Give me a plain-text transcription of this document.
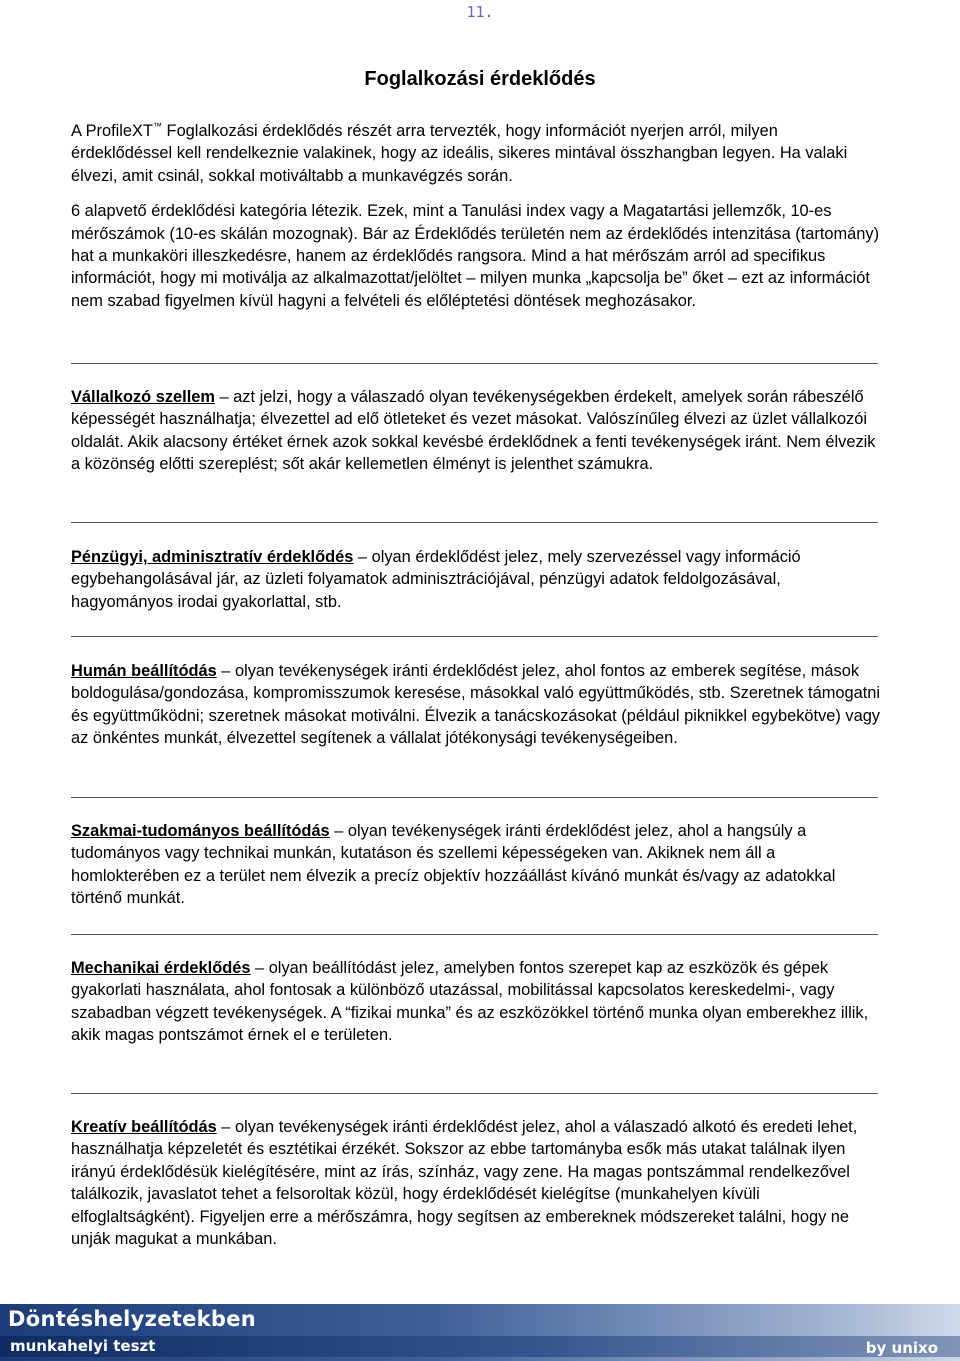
11.
Foglalkozási érdeklődés

A ProfileXT™ Foglalkozási érdeklődés részét arra tervezték, hogy információt nyerjen arról, milyen érdeklődéssel kell rendelkeznie valakinek, hogy az ideális, sikeres mintával összhangban legyen. Ha valaki élvezi, amit csinál, sokkal motiváltabb a munkavégzés során.

6 alapvető érdeklődési kategória létezik. Ezek, mint a Tanulási index vagy a Magatartási jellemzők, 10-es mérőszámok (10-es skálán mozognak). Bár az Érdeklődés területén nem az érdeklődés intenzitása (tartomány) hat a munkaköri illeszkedésre, hanem az érdeklődés rangsora. Mind a hat mérőszám arról ad specifikus információt, hogy mi motiválja az alkalmazottat/jelöltet – milyen munka „kapcsolja be” őket – ezt az információt nem szabad figyelmen kívül hagyni a felvételi és előléptetési döntések meghozásakor.

Vállalkozó szellem – azt jelzi, hogy a válaszadó olyan tevékenységekben érdekelt, amelyek során rábeszélő képességét használhatja; élvezettel ad elő ötleteket és vezet másokat. Valószínűleg élvezi az üzlet vállalkozói oldalát. Akik alacsony értéket érnek azok sokkal kevésbé érdeklődnek a fenti tevékenységek iránt. Nem élvezik a közönség előtti szereplést; sőt akár kellemetlen élményt is jelenthet számukra.
Pénzügyi, adminisztratív érdeklődés – olyan érdeklődést jelez, mely szervezéssel vagy információ egybehangolásával jár, az üzleti folyamatok adminisztrációjával, pénzügyi adatok feldolgozásával, hagyományos irodai gyakorlattal, stb.
Humán beállítódás – olyan tevékenységek iránti érdeklődést jelez, ahol fontos az emberek segítése, mások boldogulása/gondozása, kompromisszumok keresése, másokkal való együttműködés, stb. Szeretnek támogatni és együttműködni; szeretnek másokat motiválni. Élvezik a tanácskozásokat (például piknikkel egybekötve) vagy az önkéntes munkát, élvezettel segítenek a vállalat jótékonysági tevékenységeiben.
Szakmai-tudományos beállítódás – olyan tevékenységek iránti érdeklődést jelez, ahol a hangsúly a tudományos vagy technikai munkán, kutatáson és szellemi képességeken van. Akiknek nem áll a homlokterében ez a terület nem élvezik a precíz objektív hozzáállást kívánó munkát és/vagy az adatokkal történő munkát.
Mechanikai érdeklődés – olyan beállítódást jelez, amelyben fontos szerepet kap az eszközök és gépek gyakorlati használata, ahol fontosak a különböző utazással, mobilitással kapcsolatos kereskedelmi-, vagy szabadban végzett tevékenységek. A “fizikai munka” és az eszközökkel történő munka olyan emberekhez illik, akik magas pontszámot érnek el e területen.
Kreatív beállítódás – olyan tevékenységek iránti érdeklődést jelez, ahol a válaszadó alkotó és eredeti lehet, használhatja képzeletét és esztétikai érzékét. Sokszor az ebbe tartományba esők más utakat találnak ilyen irányú érdeklődésük kielégítésére, mint az írás, színház, vagy zene. Ha magas pontszámmal rendelkezővel találkozik, javaslatot tehet a felsoroltak közül, hogy érdeklődését kielégítse (munkahelyen kívüli elfoglaltságként). Figyeljen erre a mérőszámra, hogy segítsen az embereknek módszereket találni, hogy ne unják magukat a munkában.
Döntéshelyzetekben
munkahelyi teszt	by unixo
